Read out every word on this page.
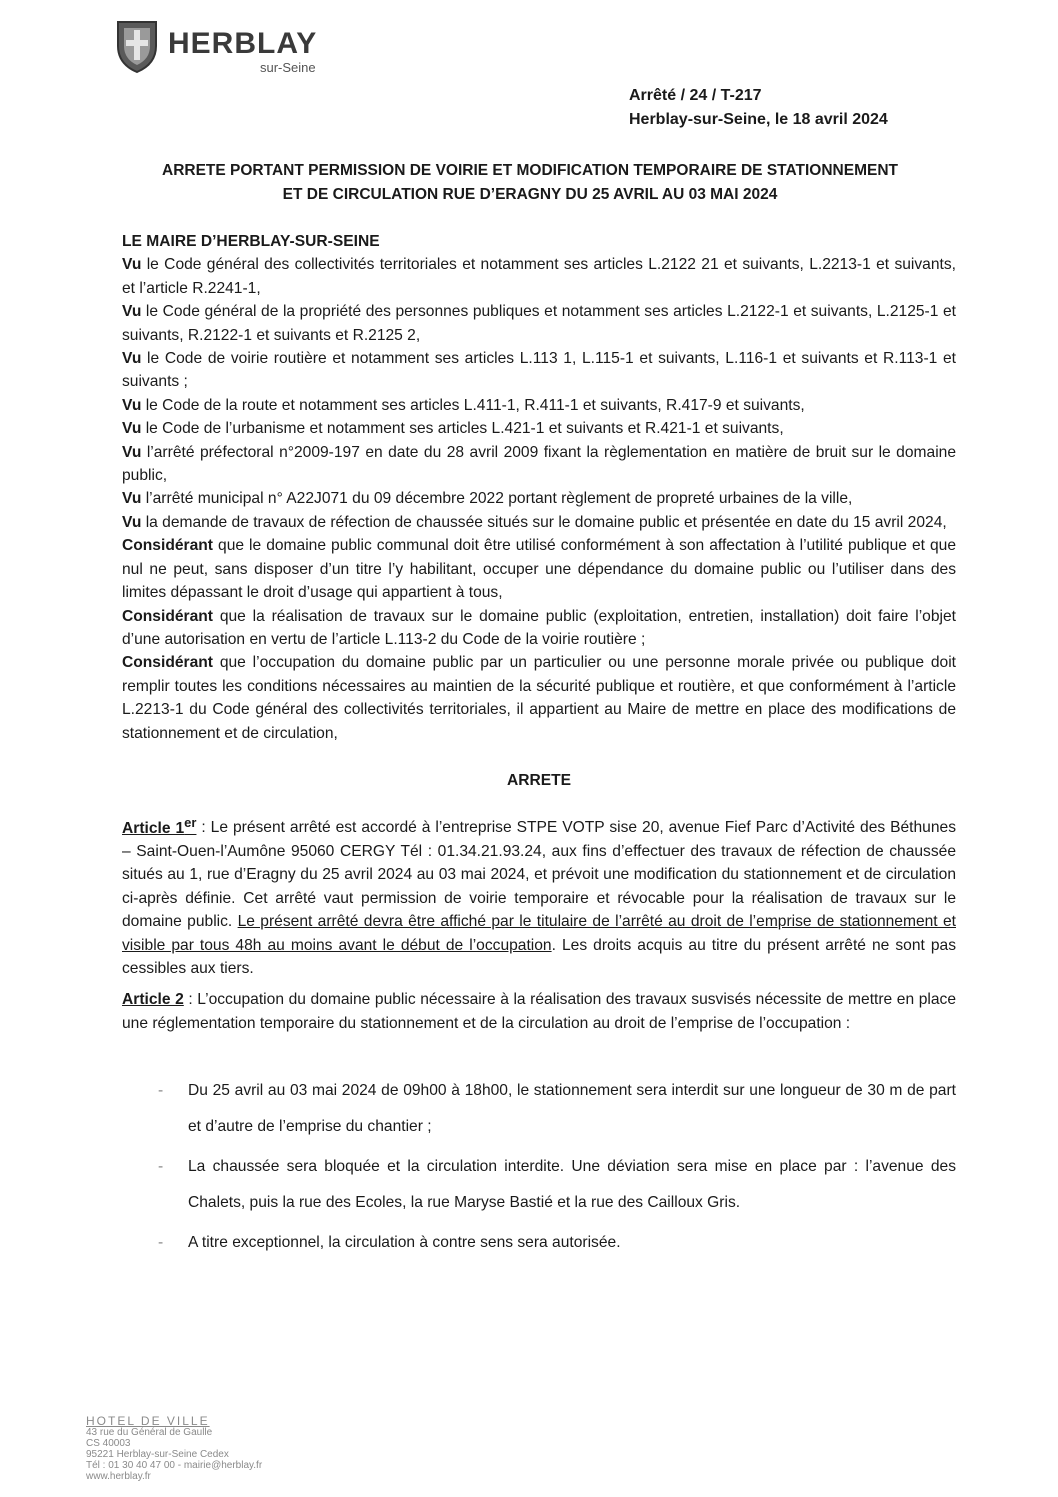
HERBLAY
sur-Seine
Arrêté / 24 / T-217
Herblay-sur-Seine, le 18 avril 2024
ARRETE PORTANT PERMISSION DE VOIRIE ET MODIFICATION TEMPORAIRE DE STATIONNEMENT
ET DE CIRCULATION RUE D’ERAGNY DU 25 AVRIL AU 03 MAI 2024

LE MAIRE D’HERBLAY-SUR-SEINE

Vu le Code général des collectivités territoriales et notamment ses articles L.2122 21 et suivants, L.2213-1 et suivants, et l’article R.2241-1,

Vu le Code général de la propriété des personnes publiques et notamment ses articles L.2122-1 et suivants, L.2125-1 et suivants, R.2122-1 et suivants et R.2125 2,

Vu le Code de voirie routière et notamment ses articles L.113 1, L.115-1 et suivants, L.116-1 et suivants et R.113-1 et suivants ;

Vu le Code de la route et notamment ses articles L.411-1, R.411-1 et suivants, R.417-9 et suivants,

Vu le Code de l’urbanisme et notamment ses articles L.421-1 et suivants et R.421-1 et suivants,

Vu l’arrêté préfectoral n°2009-197 en date du 28 avril 2009 fixant la règlementation en matière de bruit sur le domaine public,

Vu l’arrêté municipal n° A22J071 du 09 décembre 2022 portant règlement de propreté urbaines de la ville,

Vu la demande de travaux de réfection de chaussée situés sur le domaine public et présentée en date du 15 avril 2024,

Considérant que le domaine public communal doit être utilisé conformément à son affectation à l’utilité publique et que nul ne peut, sans disposer d’un titre l’y habilitant, occuper une dépendance du domaine public ou l’utiliser dans des limites dépassant le droit d’usage qui appartient à tous,

Considérant que la réalisation de travaux sur le domaine public (exploitation, entretien, installation) doit faire l’objet d’une autorisation en vertu de l’article L.113-2 du Code de la voirie routière ;

Considérant que l’occupation du domaine public par un particulier ou une personne morale privée ou publique doit remplir toutes les conditions nécessaires au maintien de la sécurité publique et routière, et que conformément à l’article L.2213-1 du Code général des collectivités territoriales, il appartient au Maire de mettre en place des modifications de stationnement et de circulation,

ARRETE

Article 1er : Le présent arrêté est accordé à l’entreprise STPE VOTP sise 20, avenue Fief Parc d’Activité des Béthunes – Saint-Ouen-l’Aumône 95060 CERGY Tél : 01.34.21.93.24, aux fins d’effectuer des travaux de réfection de chaussée situés au 1, rue d’Eragny du 25 avril 2024 au 03 mai 2024, et prévoit une modification du stationnement et de circulation ci-après définie. Cet arrêté vaut permission de voirie temporaire et révocable pour la réalisation de travaux sur le domaine public. Le présent arrêté devra être affiché par le titulaire de l’arrêté au droit de l’emprise de stationnement et visible par tous 48h au moins avant le début de l’occupation. Les droits acquis au titre du présent arrêté ne sont pas cessibles aux tiers.

Article 2 : L’occupation du domaine public nécessaire à la réalisation des travaux susvisés nécessite de mettre en place une réglementation temporaire du stationnement et de la circulation au droit de l’emprise de l’occupation :

- Du 25 avril au 03 mai 2024 de 09h00 à 18h00, le stationnement sera interdit sur une longueur de 30 m de part et d’autre de l’emprise du chantier ;
- La chaussée sera bloquée et la circulation interdite. Une déviation sera mise en place par : l’avenue des Chalets, puis la rue des Ecoles, la rue Maryse Bastié et la rue des Cailloux Gris.
- A titre exceptionnel, la circulation à contre sens sera autorisée.
HOTEL DE VILLE
43 rue du Général de Gaulle
CS 40003
95221 Herblay-sur-Seine Cedex
Tél : 01 30 40 47 00 - mairie@herblay.fr
www.herblay.fr
